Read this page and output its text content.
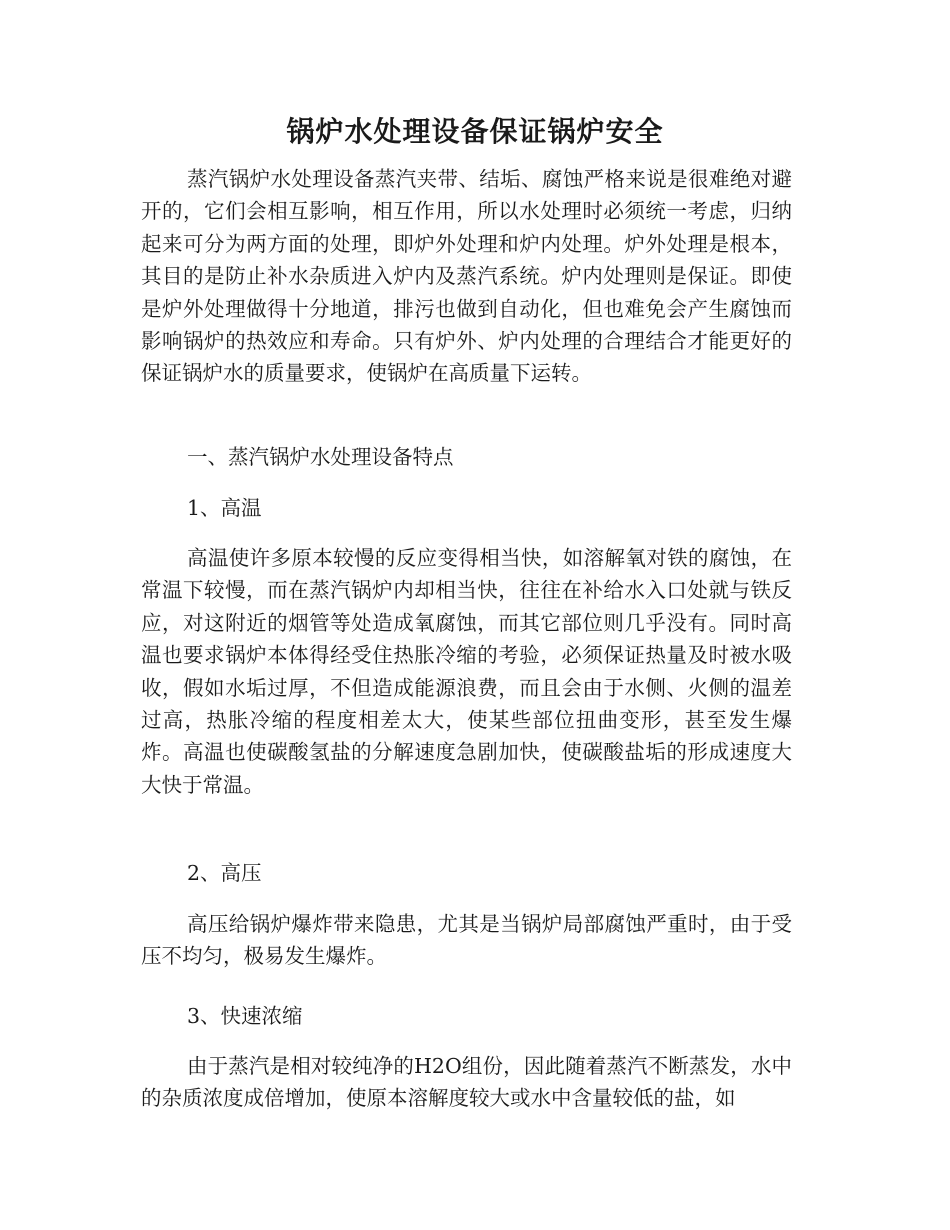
锅炉水处理设备保证锅炉安全

蒸汽锅炉水处理设备蒸汽夹带、结垢、腐蚀严格来说是很难绝对避开的，它们会相互影响，相互作用，所以水处理时必须统一考虑，归纳起来可分为两方面的处理，即炉外处理和炉内处理。炉外处理是根本，其目的是防止补水杂质进入炉内及蒸汽系统。炉内处理则是保证。即使是炉外处理做得十分地道，排污也做到自动化，但也难免会产生腐蚀而影响锅炉的热效应和寿命。只有炉外、炉内处理的合理结合才能更好的保证锅炉水的质量要求，使锅炉在高质量下运转。

一、蒸汽锅炉水处理设备特点

1、高温

高温使许多原本较慢的反应变得相当快，如溶解氧对铁的腐蚀，在常温下较慢，而在蒸汽锅炉内却相当快，往往在补给水入口处就与铁反应，对这附近的烟管等处造成氧腐蚀，而其它部位则几乎没有。同时高温也要求锅炉本体得经受住热胀冷缩的考验，必须保证热量及时被水吸收，假如水垢过厚，不但造成能源浪费，而且会由于水侧、火侧的温差过高，热胀冷缩的程度相差太大，使某些部位扭曲变形，甚至发生爆炸。高温也使碳酸氢盐的分解速度急剧加快，使碳酸盐垢的形成速度大大快于常温。

2、高压

高压给锅炉爆炸带来隐患，尤其是当锅炉局部腐蚀严重时，由于受压不均匀，极易发生爆炸。

3、快速浓缩

由于蒸汽是相对较纯净的H2O组份，因此随着蒸汽不断蒸发，水中的杂质浓度成倍增加，使原本溶解度较大或水中含量较低的盐，如
